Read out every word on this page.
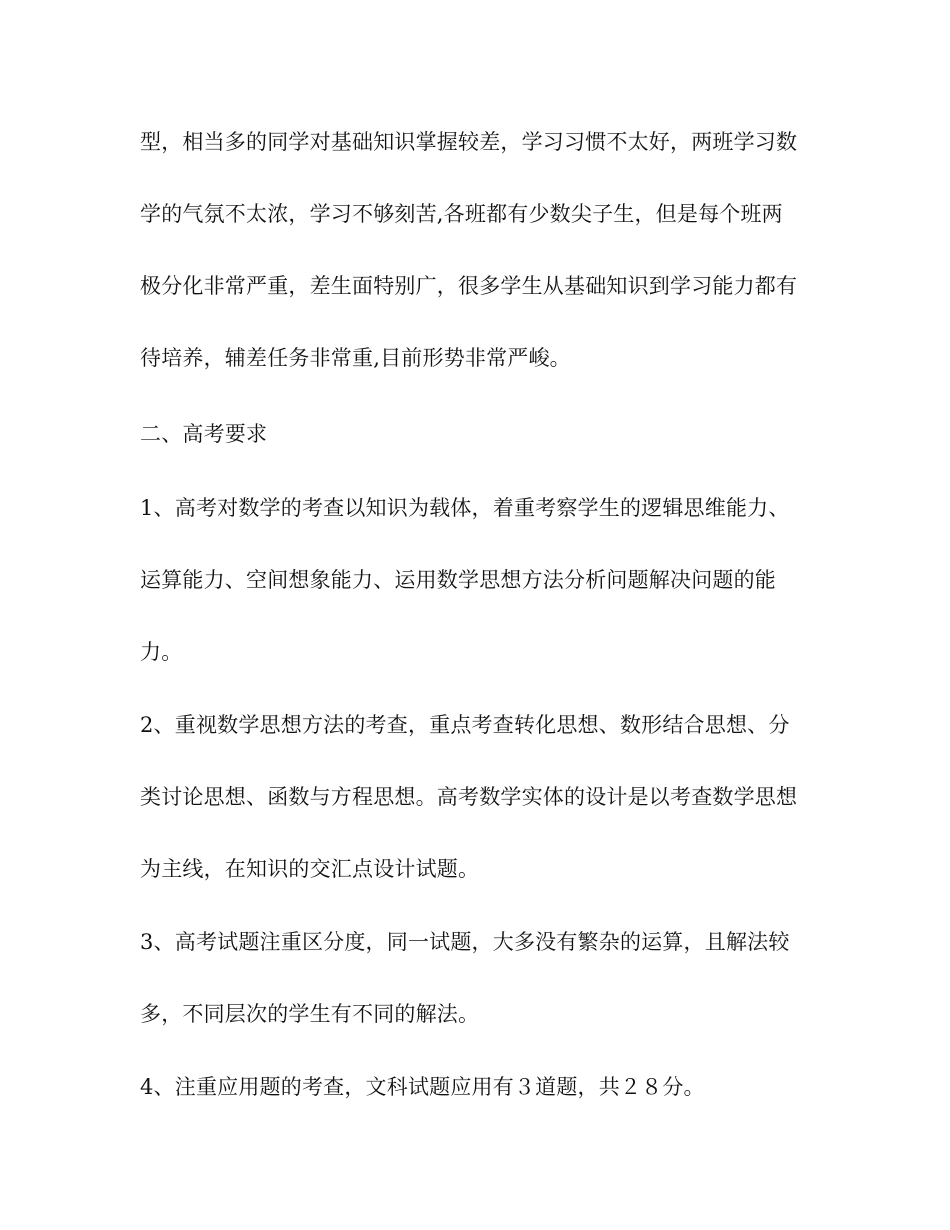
型，相当多的同学对基础知识掌握较差，学习习惯不太好，两班学习数
学的气氛不太浓，学习不够刻苦,各班都有少数尖子生，但是每个班两
极分化非常严重，差生面特别广，很多学生从基础知识到学习能力都有
待培养，辅差任务非常重,目前形势非常严峻。
二、高考要求
1、高考对数学的考查以知识为载体，着重考察学生的逻辑思维能力、
运算能力、空间想象能力、运用数学思想方法分析问题解决问题的能
力。
2、重视数学思想方法的考查，重点考查转化思想、数形结合思想、分
类讨论思想、函数与方程思想。高考数学实体的设计是以考查数学思想
为主线，在知识的交汇点设计试题。
3、高考试题注重区分度，同一试题，大多没有繁杂的运算，且解法较
多，不同层次的学生有不同的解法。
4、注重应用题的考查，文科试题应用有３道题，共２８分。
